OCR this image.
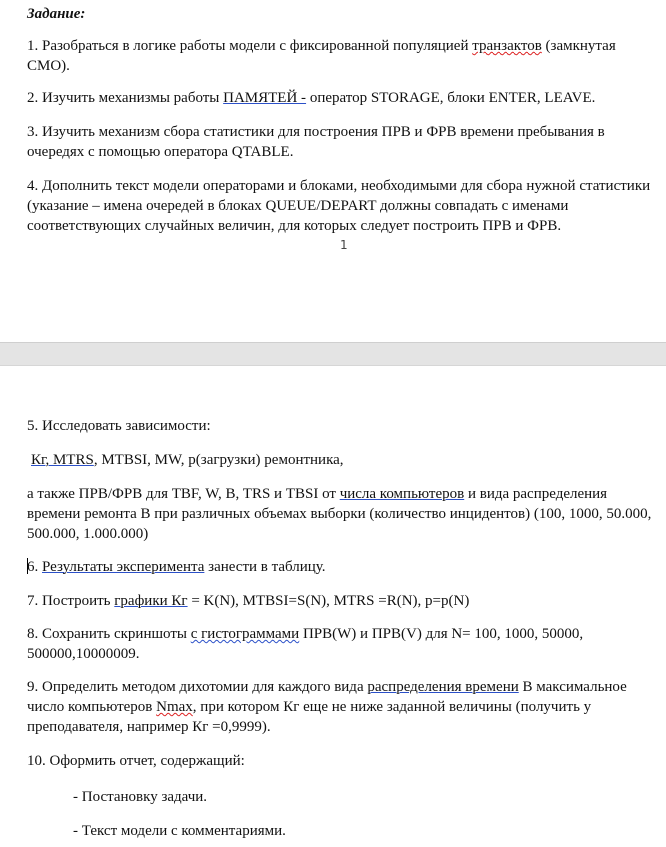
Задание:
1. Разобраться в логике работы модели с фиксированной популяцией транзактов (замкнутая СМО).
2. Изучить механизмы работы ПАМЯТЕЙ - оператор STORAGE, блоки ENTER, LEAVE.
3. Изучить механизм сбора статистики для построения ПРВ и ФРВ времени пребывания в очередях с помощью оператора QTABLE.
4. Дополнить текст модели операторами и блоками, необходимыми для сбора нужной статистики (указание – имена очередей в блоках QUEUE/DEPART должны совпадать с именами соответствующих случайных величин, для которых следует построить ПРВ и ФРВ.
1
5. Исследовать зависимости:
Кг, MTRS, MTBSI, MW, p(загрузки) ремонтника,
а также ПРВ/ФРВ для TBF, W, B, TRS и TBSI от числа компьютеров и вида распределения времени ремонта B при различных объемах выборки (количество инцидентов) (100, 1000, 50.000, 500.000, 1.000.000)
6. Результаты эксперимента занести в таблицу.
7. Построить графики Кг = K(N), MTBSI=S(N), MTRS =R(N), p=p(N)
8. Сохранить скриншоты с гистограммами ПРВ(W) и ПРВ(V) для N= 100, 1000, 50000, 500000,10000009.
9. Определить методом дихотомии для каждого вида распределения времени В максимальное число компьютеров Nmax, при котором Кг еще не ниже заданной величины (получить у преподавателя, например Кг =0,9999).
10. Оформить отчет, содержащий:
- Постановку задачи.
- Текст модели с комментариями.
